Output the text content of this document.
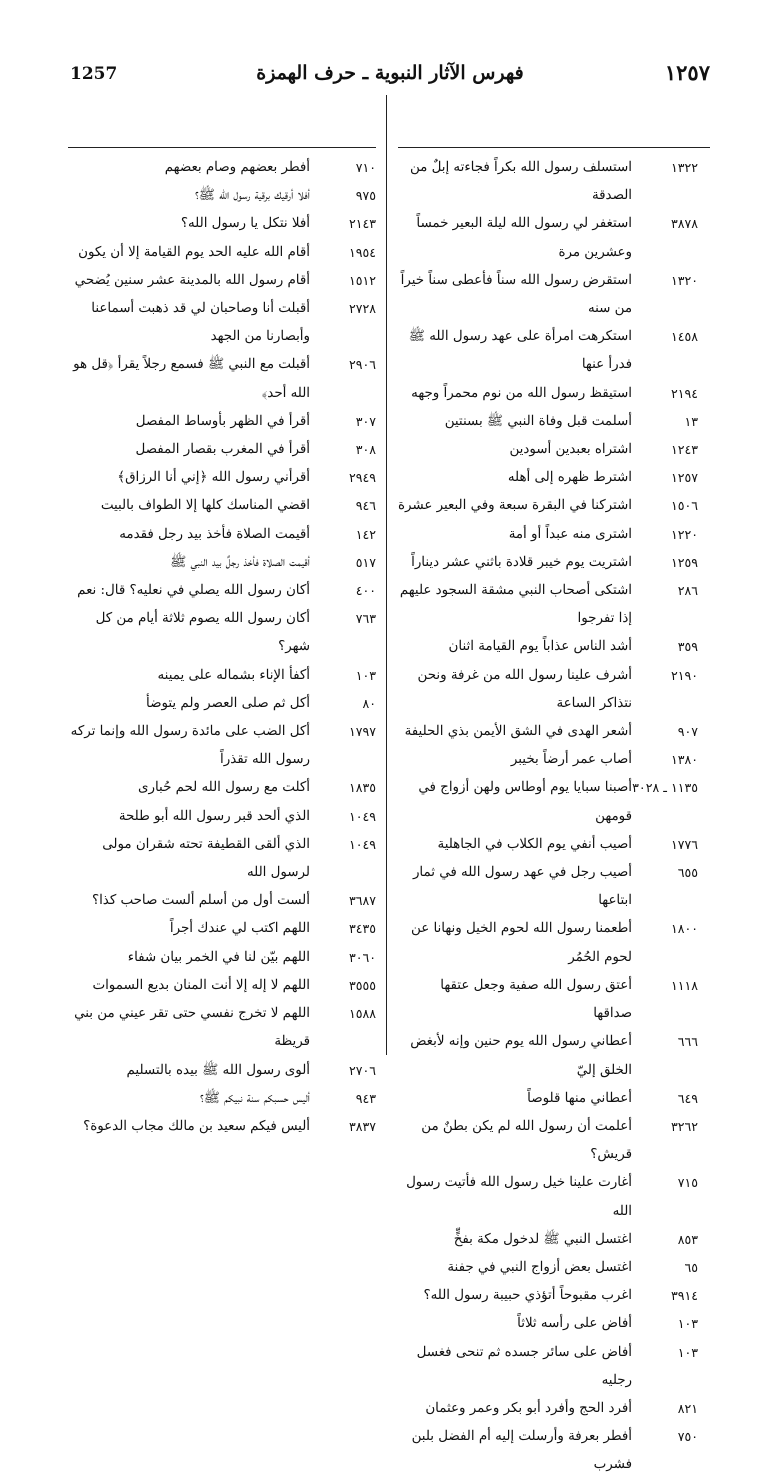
1257	فهرس الآثار النبوية ـ حرف الهمزة	١٢٥٧
١٣٢٢
استسلف رسول الله بكراً فجاءته إبلٌ من الصدقة
٣٨٧٨
استغفر لي رسول الله ليلة البعير خمساً وعشرين مرة
١٣٢٠
استقرض رسول الله سناً فأعطى سناً خيراً من سنه
١٤٥٨
استكرهت امرأة على عهد رسول الله ﷺ فدرأ عنها
٢١٩٤
استيقظ رسول الله من نوم محمراً وجهه
١٣
أسلمت قبل وفاة النبي ﷺ بسنتين
١٢٤٣
اشتراه بعبدين أسودين
١٢٥٧
اشترط ظهره إلى أهله
١٥٠٦
اشتركنا في البقرة سبعة وفي البعير عشرة
١٢٢٠
اشترى منه عبداً أو أمة
١٢٥٩
اشتريت يوم خيبر قلادة باثني عشر ديناراً
٢٨٦
اشتكى أصحاب النبي مشقة السجود عليهم إذا تفرجوا
٣٥٩
أشد الناس عذاباً يوم القيامة اثنان
٢١٩٠
أشرف علينا رسول الله من غرفة ونحن نتذاكر الساعة
٩٠٧
أشعر الهدى في الشق الأيمن بذي الحليفة
١٣٨٠
أصاب عمر أرضاً بخيبر
١١٣٥ ـ ٣٠٢٨
أصبنا سبايا يوم أوطاس ولهن أزواج في قومهن
١٧٧٦
أصيب أنفي يوم الكلاب في الجاهلية
٦٥٥
أصيب رجل في عهد رسول الله في ثمار ابتاعها
١٨٠٠
أطعمنا رسول الله لحوم الخيل ونهانا عن لحوم الحُمُر
١١١٨
أعتق رسول الله صفية وجعل عتقها صداقها
٦٦٦
أعطاني رسول الله يوم حنين وإنه لأبغض الخلق إليّ
٦٤٩
أعطاني منها قلوصاً
٣٢٦٢
أعلمت أن رسول الله لم يكن بطنٌ من قريش؟
٧١٥
أغارت علينا خيل رسول الله فأتيت رسول الله
٨٥٣
اغتسل النبي ﷺ لدخول مكة بفخٍّ
٦٥
اغتسل بعض أزواج النبي في جفنة
٣٩١٤
اغرب مقبوحاً أتؤذي حبيبة رسول الله؟
١٠٣
أفاض على رأسه ثلاثاً
١٠٣
أفاض على سائر جسده ثم تنحى فغسل رجليه
٨٢١
أفرد الحج وأفرد أبو بكر وعمر وعثمان
٧٥٠
أفطر بعرفة وأرسلت إليه أم الفضل بلبن فشرب
٧١٠
أفطر بعضهم وصام بعضهم
٩٧٥
أفلا أرقيك برقية رسول الله ﷺ؟
٢١٤٣
أفلا نتكل يا رسول الله؟
١٩٥٤
أقام الله عليه الحد يوم القيامة إلا أن يكون
١٥١٢
أقام رسول الله بالمدينة عشر سنين يُضحي
٢٧٢٨
أقبلت أنا وصاحبان لي قد ذهبت أسماعنا وأبصارنا من الجهد
٢٩٠٦
أقبلت مع النبي ﷺ فسمع رجلاً يقرأ ﴿قل هو الله أحد﴾
٣٠٧
أقرأ في الظهر بأوساط المفصل
٣٠٨
أقرأ في المغرب بقصار المفصل
٢٩٤٩
أقرأني رسول الله ﴿إني أنا الرزاق﴾
٩٤٦
اقضي المناسك كلها إلا الطواف بالبيت
١٤٢
أقيمت الصلاة فأخذ بيد رجل فقدمه
٥١٧
أقيمت الصلاة فأخذ رجلٌ بيد النبي ﷺ
٤٠٠
أكان رسول الله يصلي في نعليه؟ قال: نعم
٧٦٣
أكان رسول الله يصوم ثلاثة أيام من كل شهر؟
١٠٣
أكفأ الإناء بشماله على يمينه
٨٠
أكل ثم صلى العصر ولم يتوضأ
١٧٩٧
أكل الضب على مائدة رسول الله وإنما تركه رسول الله تقذراً
١٨٣٥
أكلت مع رسول الله لحم حُبارى
١٠٤٩
الذي ألحد قبر رسول الله أبو طلحة
١٠٤٩
الذي ألقى القطيفة تحته شقران مولى لرسول الله
٣٦٨٧
ألست أول من أسلم ألست صاحب كذا؟
٣٤٣٥
اللهم اكتب لي عندك أجراً
٣٠٦٠
اللهم بيّن لنا في الخمر بيان شفاء
٣٥٥٥
اللهم لا إله إلا أنت المنان بديع السموات
١٥٨٨
اللهم لا تخرج نفسي حتى تقر عيني من بني قريظة
٢٧٠٦
ألوى رسول الله ﷺ بيده بالتسليم
٩٤٣
أليس حسبكم سنة نبيكم ﷺ؟
٣٨٣٧
أليس فيكم سعيد بن مالك مجاب الدعوة؟
